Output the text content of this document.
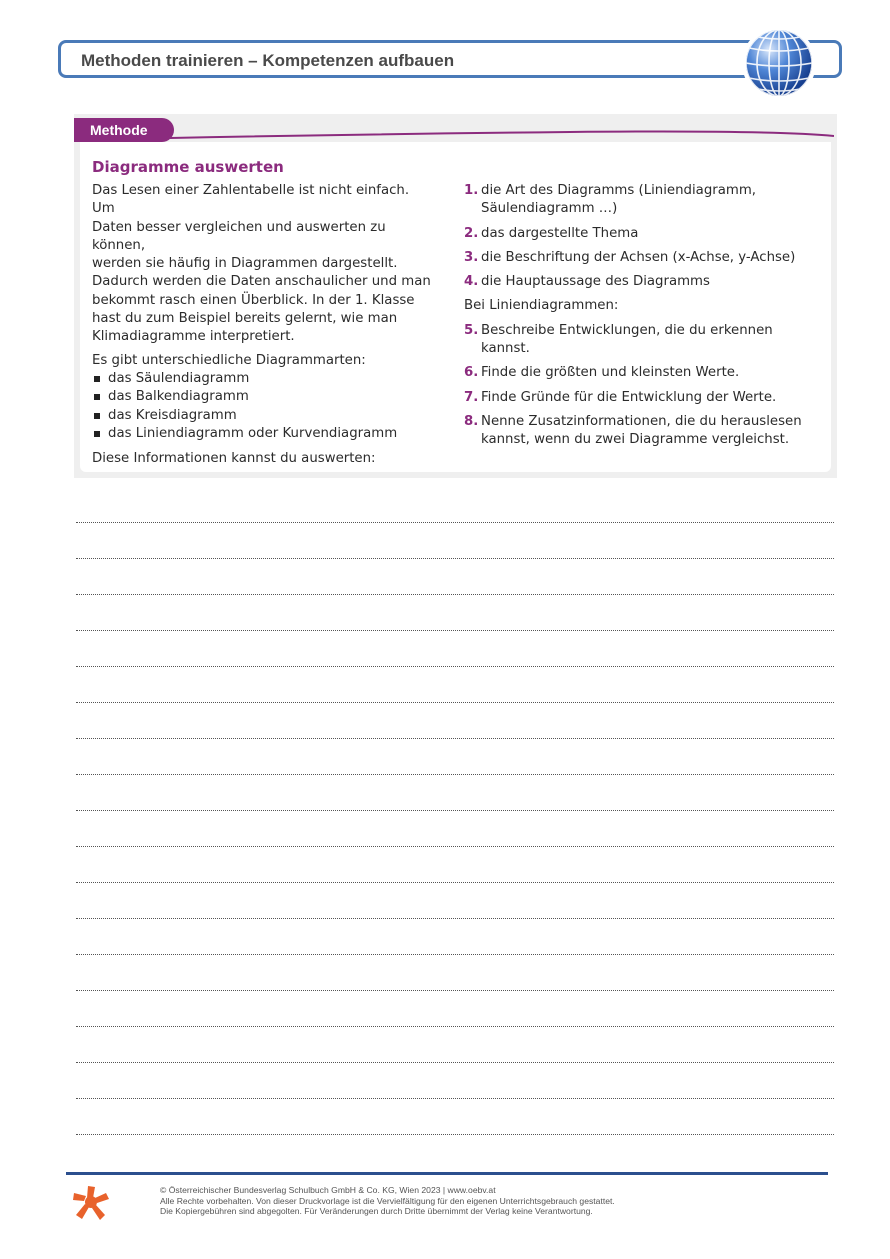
Methoden trainieren – Kompetenzen aufbauen
Methode
Diagramme auswerten

Das Lesen einer Zahlentabelle ist nicht einfach. Um
Daten besser vergleichen und auswerten zu können,
werden sie häufig in Diagrammen dargestellt.
Dadurch werden die Daten anschaulicher und man
bekommt rasch einen Überblick. In der 1. Klasse
hast du zum Beispiel bereits gelernt, wie man
Klimadiagramme interpretiert.

Es gibt unterschiedliche Diagrammarten:
das Säulendiagramm
das Balkendiagramm
das Kreisdiagramm
das Liniendiagramm oder Kurvendiagramm
Diese Informationen kannst du auswerten:
1. die Art des Diagramms (Liniendiagramm,
Säulendiagramm …)
2. das dargestellte Thema
3. die Beschriftung der Achsen (x-Achse, y-Achse)
4. die Hauptaussage des Diagramms
Bei Liniendiagrammen:
5. Beschreibe Entwicklungen, die du erkennen kannst.
6. Finde die größten und kleinsten Werte.
7. Finde Gründe für die Entwicklung der Werte.
8. Nenne Zusatzinformationen, die du herauslesen
kannst, wenn du zwei Diagramme vergleichst.
© Österreichischer Bundesverlag Schulbuch GmbH & Co. KG, Wien 2023 | www.oebv.at
Alle Rechte vorbehalten. Von dieser Druckvorlage ist die Vervielfältigung für den eigenen Unterrichtsgebrauch gestattet.
Die Kopiergebühren sind abgegolten. Für Veränderungen durch Dritte übernimmt der Verlag keine Verantwortung.
